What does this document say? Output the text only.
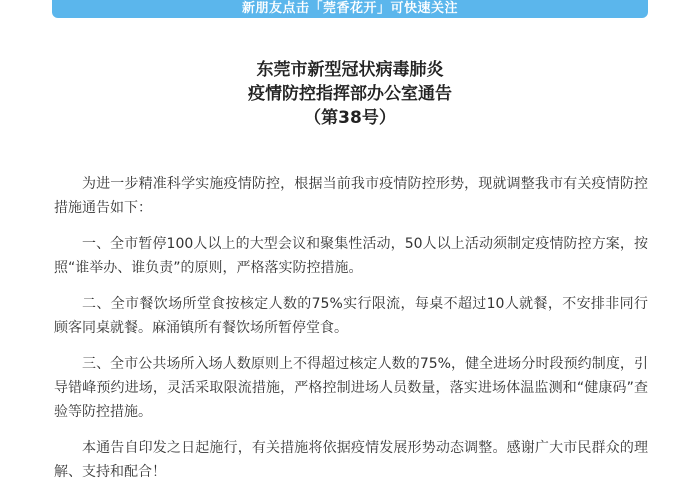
新朋友点击「莞香花开」可快速关注

东莞市新型冠状病毒肺炎

疫情防控指挥部办公室通告

（第38号）

为进一步精准科学实施疫情防控，根据当前我市疫情防控形势，现就调整我市有关疫情防控措施通告如下：

一、全市暂停100人以上的大型会议和聚集性活动，50人以上活动须制定疫情防控方案，按照“谁举办、谁负责”的原则，严格落实防控措施。

二、全市餐饮场所堂食按核定人数的75%实行限流，每桌不超过10人就餐，不安排非同行顾客同桌就餐。麻涌镇所有餐饮场所暂停堂食。

三、全市公共场所入场人数原则上不得超过核定人数的75%，健全进场分时段预约制度，引导错峰预约进场，灵活采取限流措施，严格控制进场人员数量，落实进场体温监测和“健康码”查验等防控措施。

本通告自印发之日起施行，有关措施将依据疫情发展形势动态调整。感谢广大市民群众的理解、支持和配合！
